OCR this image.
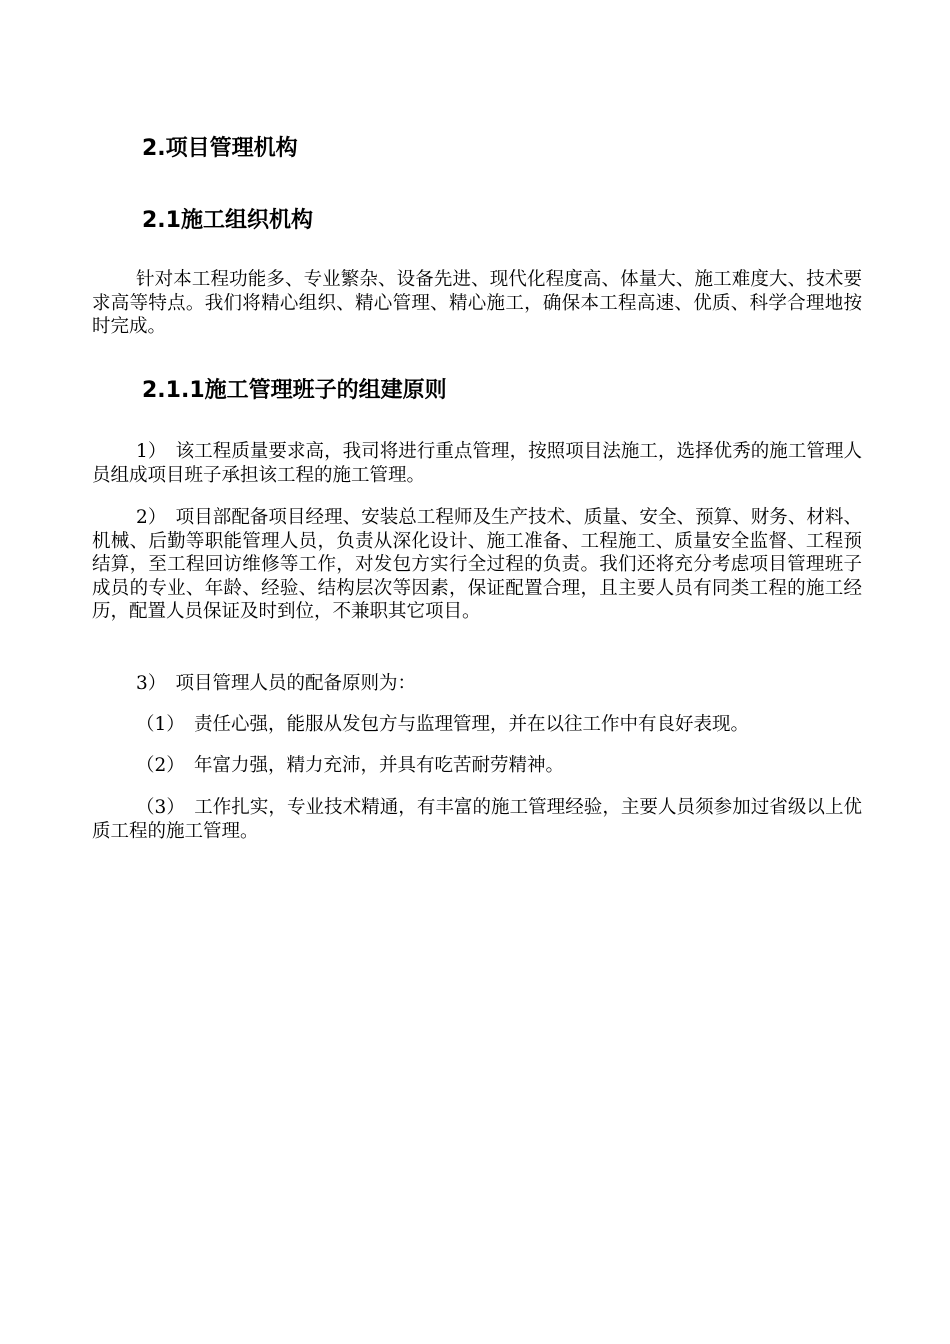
2.项目管理机构
2.1施工组织机构

针对本工程功能多、专业繁杂、设备先进、现代化程度高、体量大、施工难度大、技术要求高等特点。我们将精心组织、精心管理、精心施工，确保本工程高速、优质、科学合理地按时完成。

2.1.1施工管理班子的组建原则

1）　该工程质量要求高，我司将进行重点管理，按照项目法施工，选择优秀的施工管理人员组成项目班子承担该工程的施工管理。

2）　项目部配备项目经理、安装总工程师及生产技术、质量、安全、预算、财务、材料、机械、后勤等职能管理人员，负责从深化设计、施工准备、工程施工、质量安全监督、工程预结算，至工程回访维修等工作，对发包方实行全过程的负责。我们还将充分考虑项目管理班子成员的专业、年龄、经验、结构层次等因素，保证配置合理，且主要人员有同类工程的施工经历，配置人员保证及时到位，不兼职其它项目。

3）　项目管理人员的配备原则为：

（1）　责任心强，能服从发包方与监理管理，并在以往工作中有良好表现。

（2）　年富力强，精力充沛，并具有吃苦耐劳精神。

（3）　工作扎实，专业技术精通，有丰富的施工管理经验，主要人员须参加过省级以上优质工程的施工管理。
